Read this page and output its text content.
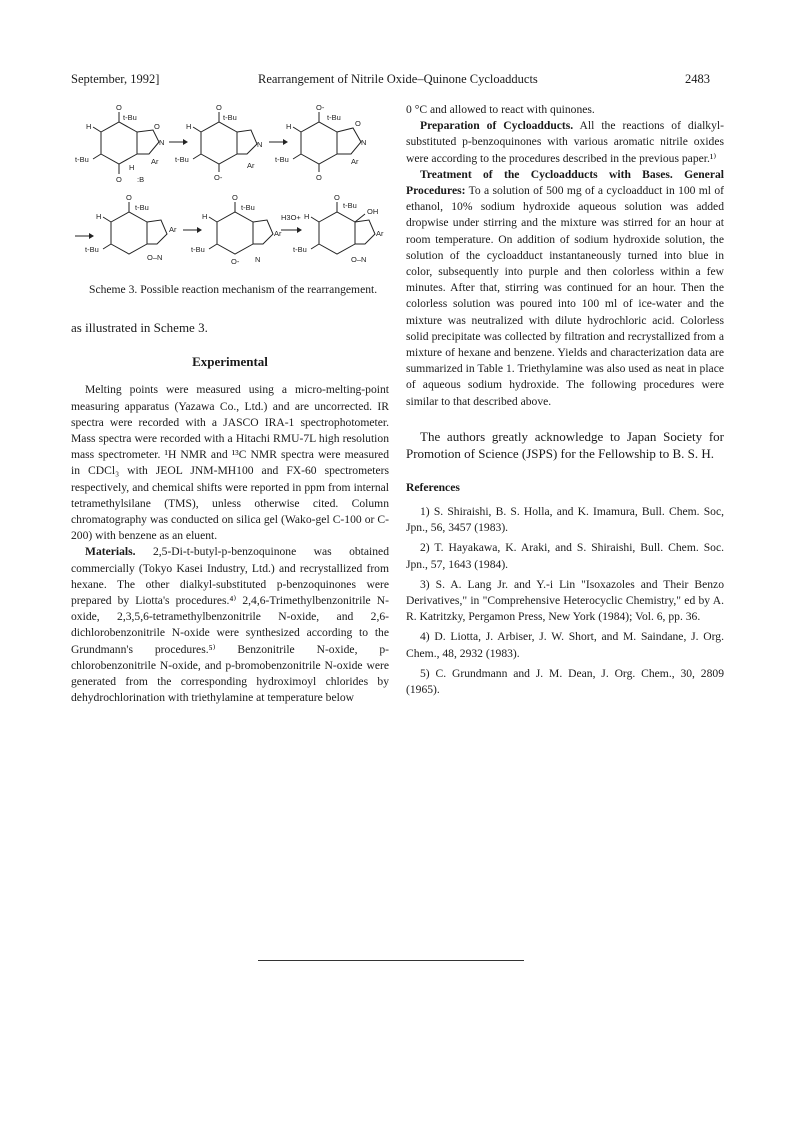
September, 1992]	Rearrangement of Nitrile Oxide–Quinone Cycloadducts	2483
O
t-Bu
H	O
N
t-Bu	Ar
O :B
H
O
t-Bu
H
N
t-Bu
Ar
O-
O-
t-Bu
H	O
N
t-Bu	Ar
O
O
t-Bu
H
Ar
t-Bu
O–N
O
t-Bu
H
Ar
t-Bu
O- N
H3O+
O
t-Bu
H
OH
Ar
t-Bu
O–N

Scheme 3. Possible reaction mechanism of the rearrangement.

as illustrated in Scheme 3.

Experimental

Melting points were measured using a micro-melting-point measuring apparatus (Yazawa Co., Ltd.) and are uncorrected. IR spectra were recorded with a JASCO IRA-1 spectrophotometer. Mass spectra were recorded with a Hitachi RMU-7L high resolution mass spectrometer. ¹H NMR and ¹³C NMR spectra were measured in CDCl₃ with JEOL JNM-MH100 and FX-60 spectrometers respectively, and chemical shifts were reported in ppm from internal tetramethylsilane (TMS), unless otherwise cited. Column chromatography was conducted on silica gel (Wako-gel C-100 or C-200) with benzene as an eluent.

Materials. 2,5-Di-t-butyl-p-benzoquinone was obtained commercially (Tokyo Kasei Industry, Ltd.) and recrystallized from hexane. The other dialkyl-substituted p-benzoquinones were prepared by Liotta's procedures.⁴⁾ 2,4,6-Trimethylbenzonitrile N-oxide, 2,3,5,6-tetramethylbenzonitrile N-oxide, and 2,6-dichlorobenzonitrile N-oxide were synthesized according to the Grundmann's procedures.⁵⁾ Benzonitrile N-oxide, p-chlorobenzonitrile N-oxide, and p-bromobenzonitrile N-oxide were generated from the corresponding hydroximoyl chlorides by dehydrochlorination with triethylamine at temperature below

0 °C and allowed to react with quinones.

Preparation of Cycloadducts. All the reactions of dialkyl-substituted p-benzoquinones with various aromatic nitrile oxides were according to the procedures described in the previous paper.¹⁾

Treatment of the Cycloadducts with Bases. General Procedures: To a solution of 500 mg of a cycloadduct in 100 ml of ethanol, 10% sodium hydroxide aqueous solution was added dropwise under stirring and the mixture was stirred for an hour at room temperature. On addition of sodium hydroxide solution, the solution of the cycloadduct instantaneously turned into blue in color, subsequently into purple and then colorless within a few minutes. After that, stirring was continued for an hour. Then the colorless solution was poured into 100 ml of ice-water and the mixture was neutralized with dilute hydrochloric acid. Colorless solid precipitate was collected by filtration and recrystallized from a mixture of hexane and benzene. Yields and characterization data are summarized in Table 1. Triethylamine was also used as neat in place of aqueous sodium hydroxide. The following procedures were similar to that described above.

The authors greatly acknowledge to Japan Society for Promotion of Science (JSPS) for the Fellowship to B. S. H.

References

1) S. Shiraishi, B. S. Holla, and K. Imamura, Bull. Chem. Soc, Jpn., 56, 3457 (1983).

2) T. Hayakawa, K. Araki, and S. Shiraishi, Bull. Chem. Soc. Jpn., 57, 1643 (1984).

3) S. A. Lang Jr. and Y.-i Lin "Isoxazoles and Their Benzo Derivatives," in "Comprehensive Heterocyclic Chemistry," ed by A. R. Katritzky, Pergamon Press, New York (1984); Vol. 6, pp. 36.

4) D. Liotta, J. Arbiser, J. W. Short, and M. Saindane, J. Org. Chem., 48, 2932 (1983).

5) C. Grundmann and J. M. Dean, J. Org. Chem., 30, 2809 (1965).
